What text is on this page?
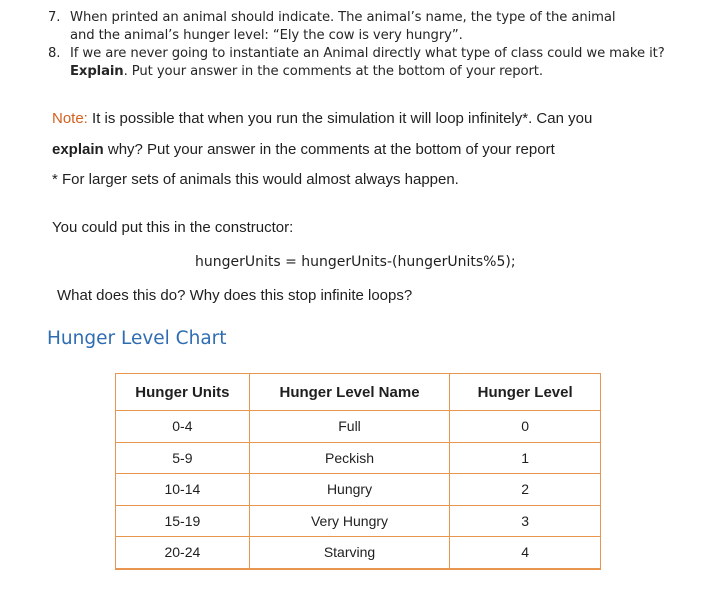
7. When printed an animal should indicate. The animal’s name, the type of the animal
and the animal’s hunger level: “Ely the cow is very hungry”.
8. If we are never going to instantiate an Animal directly what type of class could we make it?
Explain. Put your answer in the comments at the bottom of your report.

Note: It is possible that when you run the simulation it will loop infinitely*. Can you

explain why? Put your answer in the comments at the bottom of your report

* For larger sets of animals this would almost always happen.

You could put this in the constructor:
hungerUnits = hungerUnits-(hungerUnits%5);
What does this do? Why does this stop infinite loops?
Hunger Level Chart
Hunger Units	Hunger Level Name	Hunger Level
0-4	Full	0
5-9	Peckish	1
10-14	Hungry	2
15-19	Very Hungry	3
20-24	Starving	4
